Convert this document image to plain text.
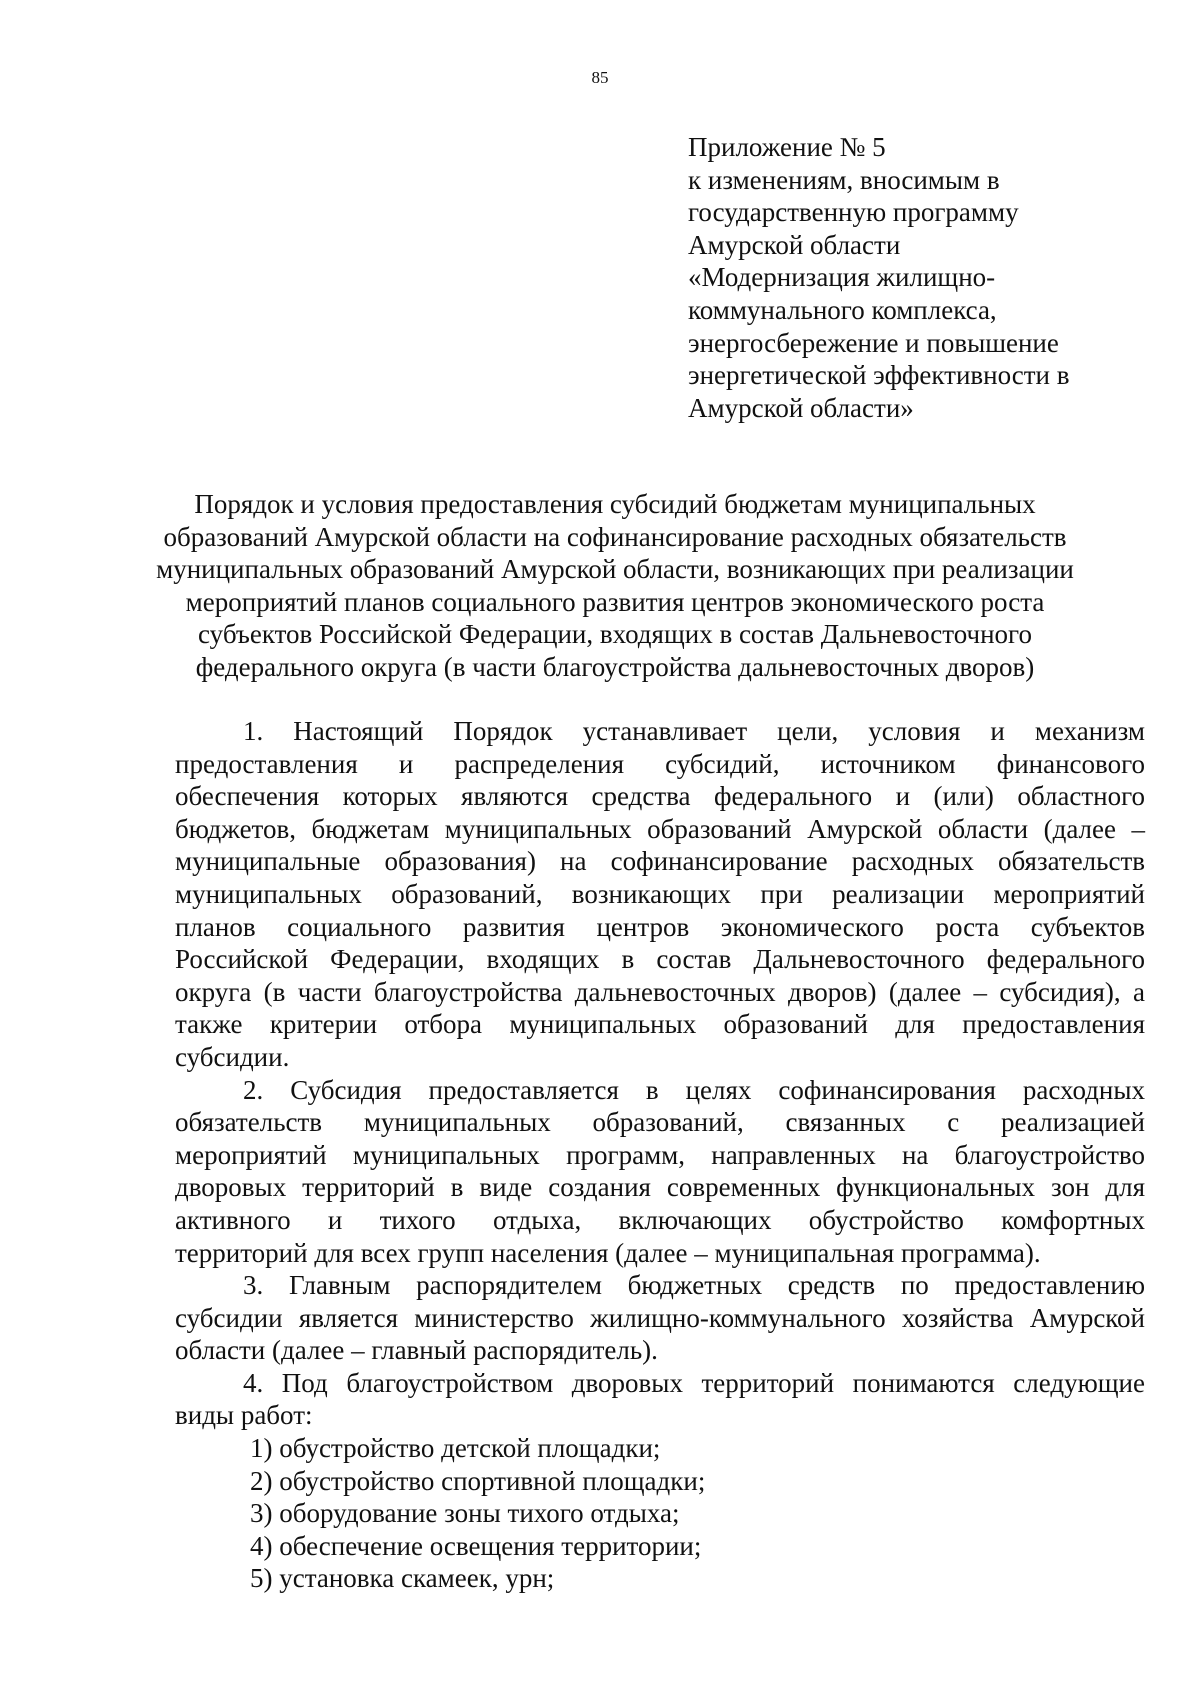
85
Приложение № 5
к изменениям, вносимым в
государственную программу
Амурской области
«Модернизация жилищно-
коммунального комплекса,
энергосбережение и повышение
энергетической эффективности в
Амурской области»
Порядок и условия предоставления субсидий бюджетам муниципальных
образований Амурской области на софинансирование расходных обязательств
муниципальных образований Амурской области, возникающих при реализации
мероприятий планов социального развития центров экономического роста
субъектов Российской Федерации, входящих в состав Дальневосточного
федерального округа (в части благоустройства дальневосточных дворов)
1. Настоящий Порядок устанавливает цели, условия и механизм
предоставления и распределения субсидий, источником финансового
обеспечения которых являются средства федерального и (или) областного
бюджетов, бюджетам муниципальных образований Амурской области (далее –
муниципальные образования) на софинансирование расходных обязательств
муниципальных образований, возникающих при реализации мероприятий
планов социального развития центров экономического роста субъектов
Российской Федерации, входящих в состав Дальневосточного федерального
округа (в части благоустройства дальневосточных дворов) (далее – субсидия), а
также критерии отбора муниципальных образований для предоставления
субсидии.
2. Субсидия предоставляется в целях софинансирования расходных
обязательств муниципальных образований, связанных с реализацией
мероприятий муниципальных программ, направленных на благоустройство
дворовых территорий в виде создания современных функциональных зон для
активного и тихого отдыха, включающих обустройство комфортных
территорий для всех групп населения (далее – муниципальная программа).
3. Главным распорядителем бюджетных средств по предоставлению
субсидии является министерство жилищно-коммунального хозяйства Амурской
области (далее – главный распорядитель).
4. Под благоустройством дворовых территорий понимаются следующие
виды работ:
1) обустройство детской площадки;
2) обустройство спортивной площадки;
3) оборудование зоны тихого отдыха;
4) обеспечение освещения территории;
5) установка скамеек, урн;
